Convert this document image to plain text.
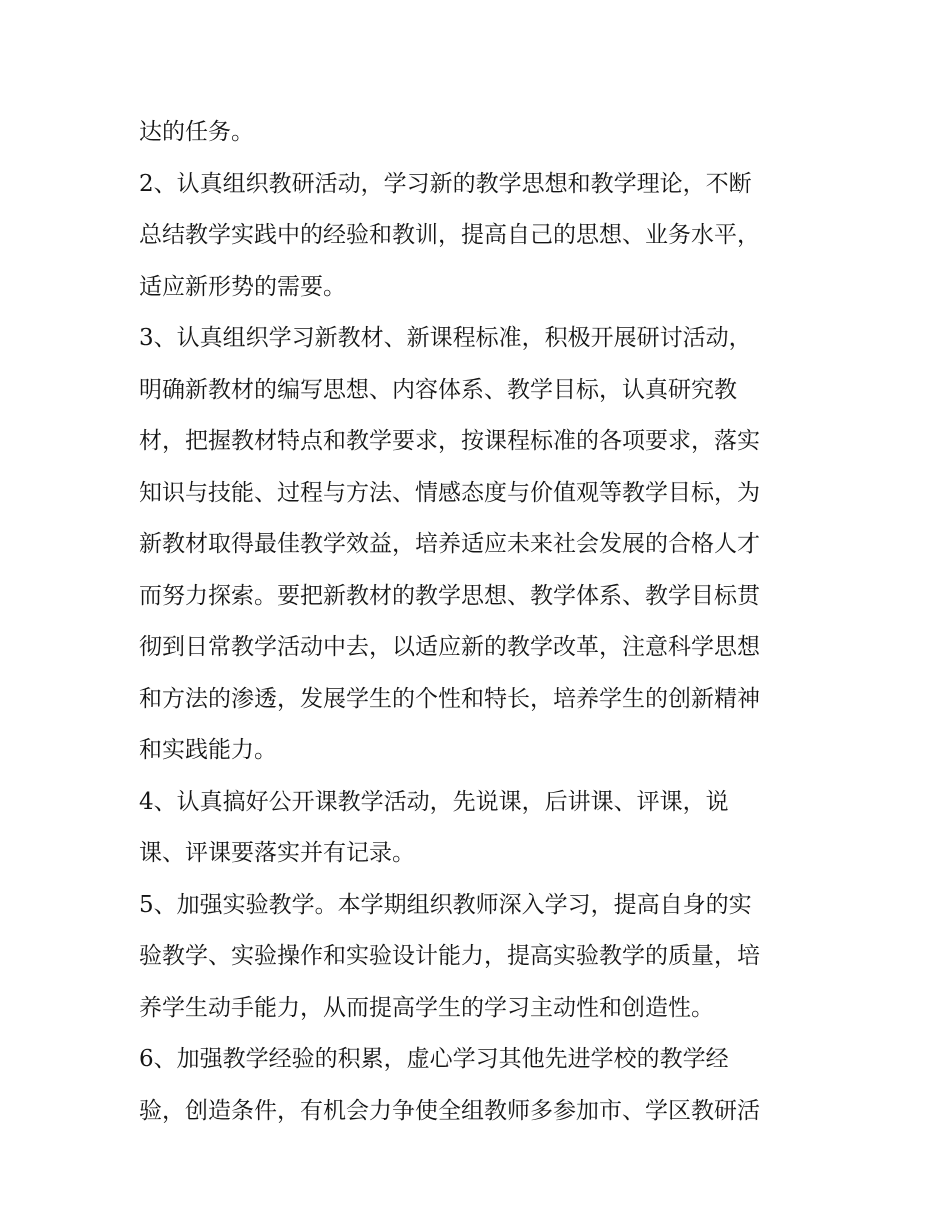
达的任务。
2、认真组织教研活动，学习新的教学思想和教学理论，不断
总结教学实践中的经验和教训，提高自己的思想、业务水平，
适应新形势的需要。
3、认真组织学习新教材、新课程标准，积极开展研讨活动，
明确新教材的编写思想、内容体系、教学目标，认真研究教
材，把握教材特点和教学要求，按课程标准的各项要求，落实
知识与技能、过程与方法、情感态度与价值观等教学目标，为
新教材取得最佳教学效益，培养适应未来社会发展的合格人才
而努力探索。要把新教材的教学思想、教学体系、教学目标贯
彻到日常教学活动中去，以适应新的教学改革，注意科学思想
和方法的渗透，发展学生的个性和特长，培养学生的创新精神
和实践能力。
4、认真搞好公开课教学活动，先说课，后讲课、评课，说
课、评课要落实并有记录。
5、加强实验教学。本学期组织教师深入学习，提高自身的实
验教学、实验操作和实验设计能力，提高实验教学的质量，培
养学生动手能力，从而提高学生的学习主动性和创造性。
6、加强教学经验的积累，虚心学习其他先进学校的教学经
验，创造条件，有机会力争使全组教师多参加市、学区教研活
